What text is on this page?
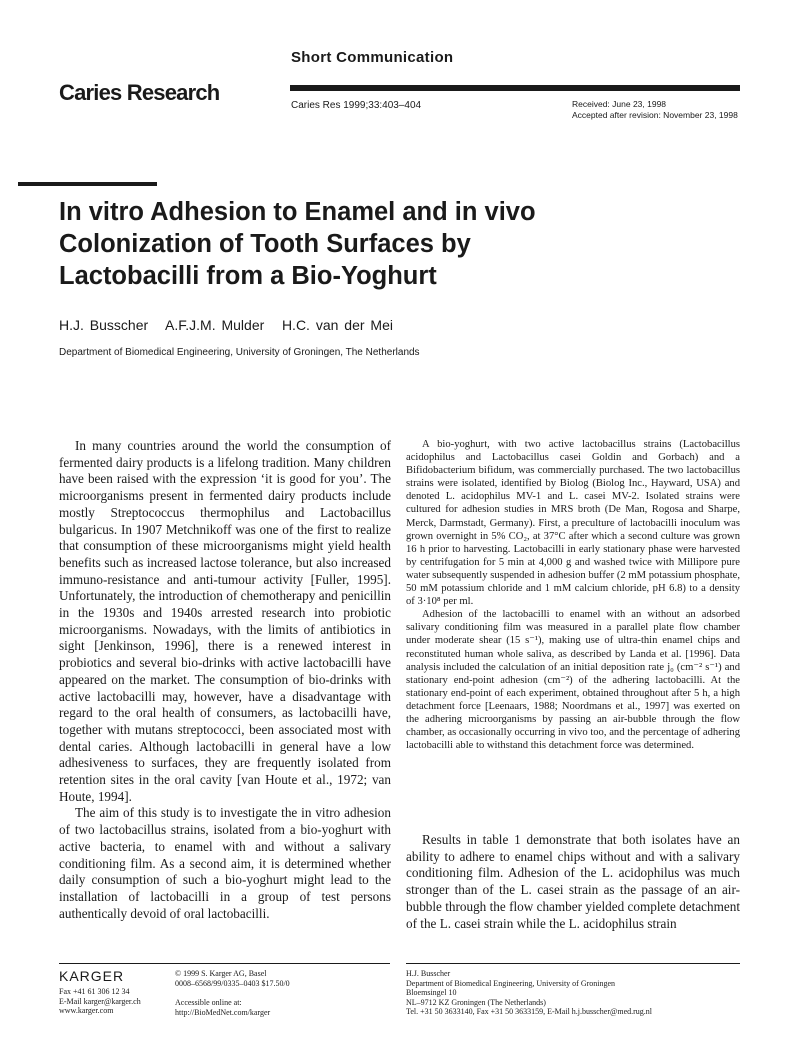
Short Communication
Caries Research
Caries Res 1999;33:403–404	Received: June 23, 1998
Accepted after revision: November 23, 1998
In vitro Adhesion to Enamel and in vivo
Colonization of Tooth Surfaces by
Lactobacilli from a Bio-Yoghurt
H.J. Busscher   A.F.J.M. Mulder   H.C. van der Mei
Department of Biomedical Engineering, University of Groningen, The Netherlands

In many countries around the world the consumption of fermented dairy products is a lifelong tradition. Many children have been raised with the expression ‘it is good for you’. The microorganisms present in fermented dairy products include mostly Streptococcus thermophilus and Lactobacillus bulgaricus. In 1907 Metchnikoff was one of the first to realize that consumption of these microorganisms might yield health benefits such as increased lactose tolerance, but also increased immuno-resistance and anti-tumour activity [Fuller, 1995]. Unfortunately, the introduction of chemotherapy and penicillin in the 1930s and 1940s arrested research into probiotic microorganisms. Nowadays, with the limits of antibiotics in sight [Jenkinson, 1996], there is a renewed interest in probiotics and several bio-drinks with active lactobacilli have appeared on the market. The consumption of bio-drinks with active lactobacilli may, however, have a disadvantage with regard to the oral health of consumers, as lactobacilli have, together with mutans streptococci, been associated most with dental caries. Although lactobacilli in general have a low adhesiveness to surfaces, they are frequently isolated from retention sites in the oral cavity [van Houte et al., 1972; van Houte, 1994].

The aim of this study is to investigate the in vitro adhesion of two lactobacillus strains, isolated from a bio-yoghurt with active bacteria, to enamel with and without a salivary conditioning film. As a second aim, it is determined whether daily consumption of such a bio-yoghurt might lead to the installation of lactobacilli in a group of test persons authentically devoid of oral lactobacilli.

A bio-yoghurt, with two active lactobacillus strains (Lactobacillus acidophilus and Lactobacillus casei Goldin and Gorbach) and a Bifidobacterium bifidum, was commercially purchased. The two lactobacillus strains were isolated, identified by Biolog (Biolog Inc., Hayward, USA) and denoted L. acidophilus MV-1 and L. casei MV-2. Isolated strains were cultured for adhesion studies in MRS broth (De Man, Rogosa and Sharpe, Merck, Darmstadt, Germany). First, a preculture of lactobacilli inoculum was grown overnight in 5% CO₂, at 37°C after which a second culture was grown 16 h prior to harvesting. Lactobacilli in early stationary phase were harvested by centrifugation for 5 min at 4,000 g and washed twice with Millipore pure water subsequently suspended in adhesion buffer (2 mM potassium phosphate, 50 mM potassium chloride and 1 mM calcium chloride, pH 6.8) to a density of 3·10⁸ per ml.

Adhesion of the lactobacilli to enamel with an without an adsorbed salivary conditioning film was measured in a parallel plate flow chamber under moderate shear (15 s⁻¹), making use of ultra-thin enamel chips and reconstituted human whole saliva, as described by Landa et al. [1996]. Data analysis included the calculation of an initial deposition rate j₀ (cm⁻² s⁻¹) and stationary end-point adhesion (cm⁻²) of the adhering lactobacilli. At the stationary end-point of each experiment, obtained throughout after 5 h, a high detachment force [Leenaars, 1988; Noordmans et al., 1997] was exerted on the adhering microorganisms by passing an air-bubble through the flow chamber, as occasionally occurring in vivo too, and the percentage of adhering lactobacilli able to withstand this detachment force was determined.

Results in table 1 demonstrate that both isolates have an ability to adhere to enamel chips without and with a salivary conditioning film. Adhesion of the L. acidophilus was much stronger than of the L. casei strain as the passage of an air-bubble through the flow chamber yielded complete detachment of the L. casei strain while the L. acidophilus strain

KARGER
Fax +41 61 306 12 34
E-Mail karger@karger.ch
www.karger.com
© 1999 S. Karger AG, Basel
0008–6568/99/0335–0403 $17.50/0
Accessible online at:
http://BioMedNet.com/karger
H.J. Busscher
Department of Biomedical Engineering, University of Groningen
Bloemsingel 10
NL–9712 KZ Groningen (The Netherlands)
Tel. +31 50 3633140, Fax +31 50 3633159, E-Mail h.j.busscher@med.rug.nl
